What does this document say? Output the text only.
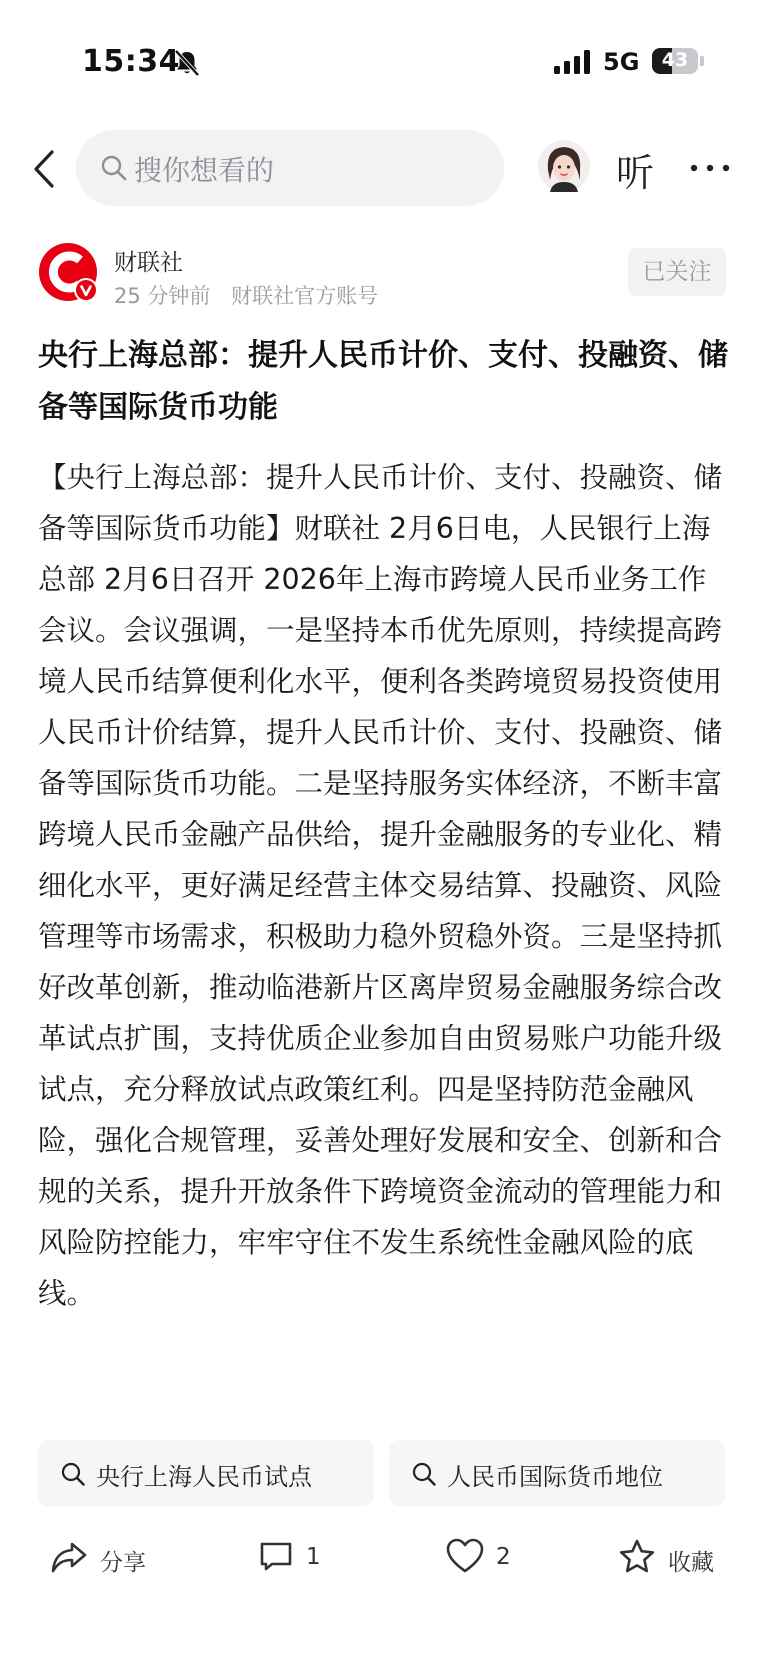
15:34	5G	43
搜你想看的	听
财联社
25 分钟前 财联社官方账号
已关注
央行上海总部：提升人民币计价、支付、投融资、储备等国际货币功能

【央行上海总部：提升人民币计价、支付、投融资、储备等国际货币功能】财联社 2月6日电，人民银行上海总部 2月6日召开 2026年上海市跨境人民币业务工作会议。会议强调，一是坚持本币优先原则，持续提高跨境人民币结算便利化水平，便利各类跨境贸易投资使用人民币计价结算，提升人民币计价、支付、投融资、储备等国际货币功能。二是坚持服务实体经济，不断丰富跨境人民币金融产品供给，提升金融服务的专业化、精细化水平，更好满足经营主体交易结算、投融资、风险管理等市场需求，积极助力稳外贸稳外资。三是坚持抓好改革创新，推动临港新片区离岸贸易金融服务综合改革试点扩围，支持优质企业参加自由贸易账户功能升级试点，充分释放试点政策红利。四是坚持防范金融风险，强化合规管理，妥善处理好发展和安全、创新和合规的关系，提升开放条件下跨境资金流动的管理能力和风险防控能力，牢牢守住不发生系统性金融风险的底线。

央行上海人民币试点	人民币国际货币地位
分享	1	2	收藏
